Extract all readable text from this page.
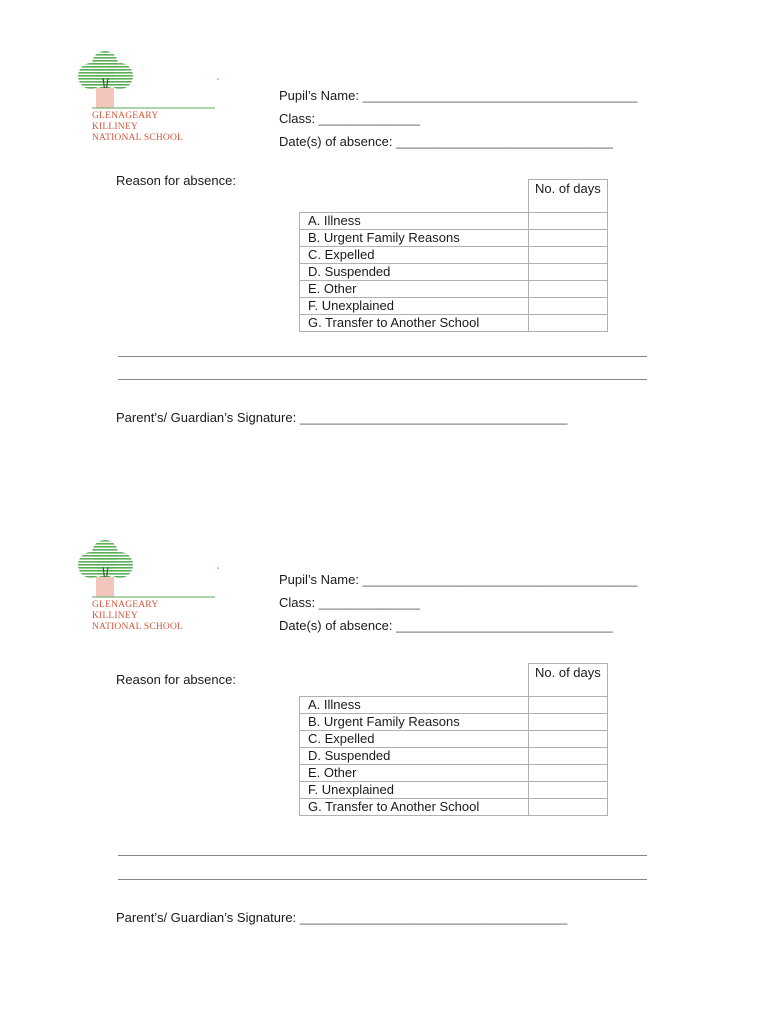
GLENAGEARY
KILLINEY
NATIONAL SCHOOL
Pupil’s Name: ______________________________________
Class: ______________
Date(s) of absence: ______________________________
Reason for absence:
	No. of days
A. Illness	
B. Urgent Family Reasons	
C. Expelled	
D. Suspended	
E. Other	
F. Unexplained	
G. Transfer to Another School	
Parent’s/ Guardian’s Signature: _____________________________________
GLENAGEARY
KILLINEY
NATIONAL SCHOOL
Pupil’s Name: ______________________________________
Class: ______________
Date(s) of absence: ______________________________
Reason for absence:
		No. of days
A. Illness	
B. Urgent Family Reasons	
C. Expelled	
D. Suspended	
E. Other	
F. Unexplained	
G. Transfer to Another School	
Parent’s/ Guardian’s Signature: _____________________________________
